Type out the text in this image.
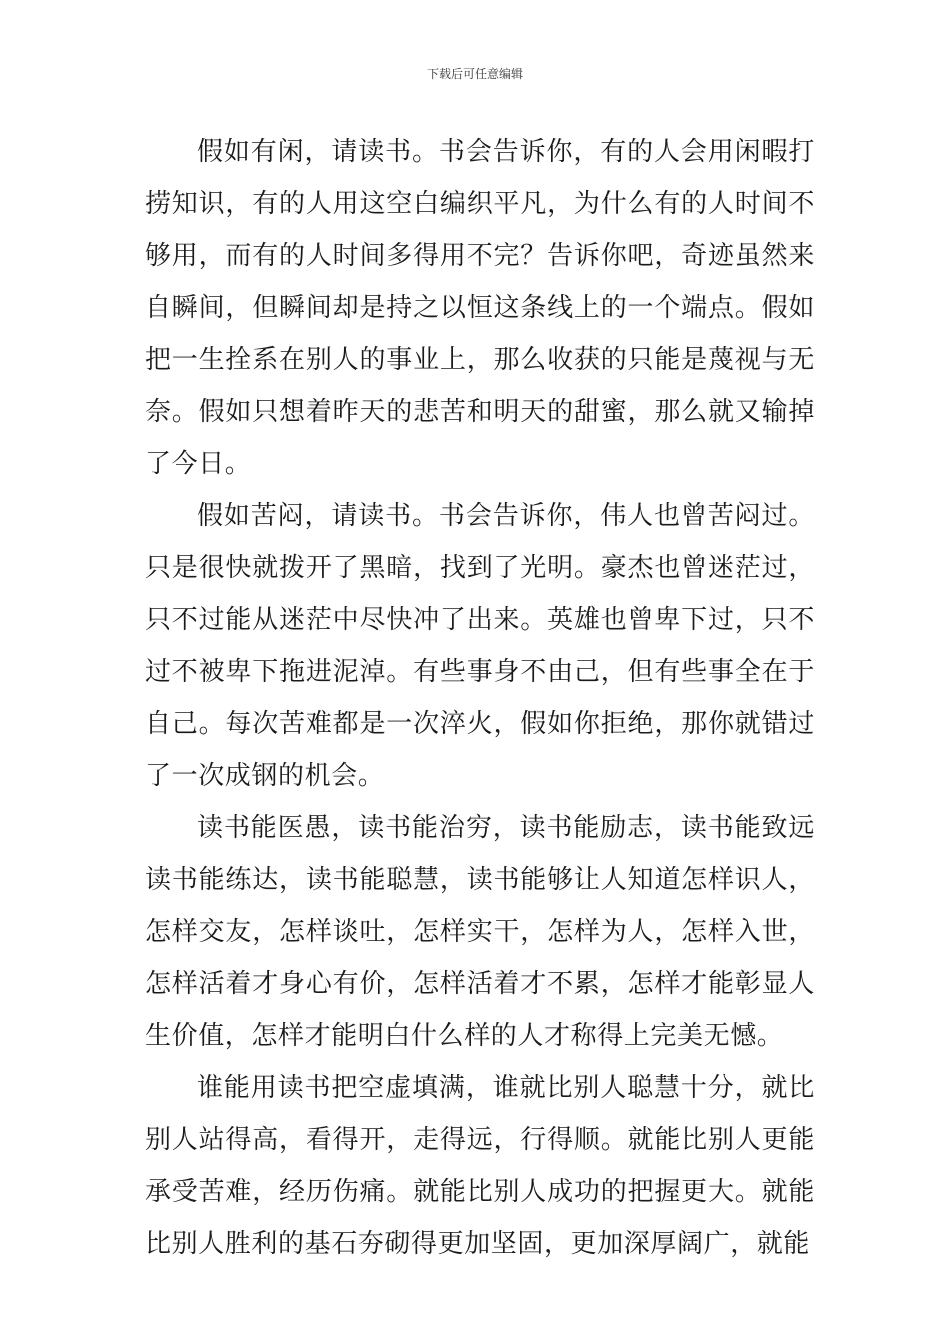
下载后可任意编辑

假如有闲，请读书。书会告诉你，有的人会用闲暇打捞知识，有的人用这空白编织平凡，为什么有的人时间不够用，而有的人时间多得用不完？告诉你吧，奇迹虽然来自瞬间，但瞬间却是持之以恒这条线上的一个端点。假如把一生拴系在别人的事业上，那么收获的只能是蔑视与无奈。假如只想着昨天的悲苦和明天的甜蜜，那么就又输掉了今日。

假如苦闷，请读书。书会告诉你，伟人也曾苦闷过。只是很快就拨开了黑暗，找到了光明。豪杰也曾迷茫过，只不过能从迷茫中尽快冲了出来。英雄也曾卑下过，只不过不被卑下拖进泥淖。有些事身不由己，但有些事全在于自己。每次苦难都是一次淬火，假如你拒绝，那你就错过了一次成钢的机会。

读书能医愚，读书能治穷，读书能励志，读书能致远读书能练达，读书能聪慧，读书能够让人知道怎样识人，怎样交友，怎样谈吐，怎样实干，怎样为人，怎样入世，怎样活着才身心有价，怎样活着才不累，怎样才能彰显人生价值，怎样才能明白什么样的人才称得上完美无憾。

谁能用读书把空虚填满，谁就比别人聪慧十分，就比别人站得高，看得开，走得远，行得顺。就能比别人更能承受苦难，经历伤痛。就能比别人成功的把握更大。就能比别人胜利的基石夯砌得更加坚固，更加深厚阔广，就能
